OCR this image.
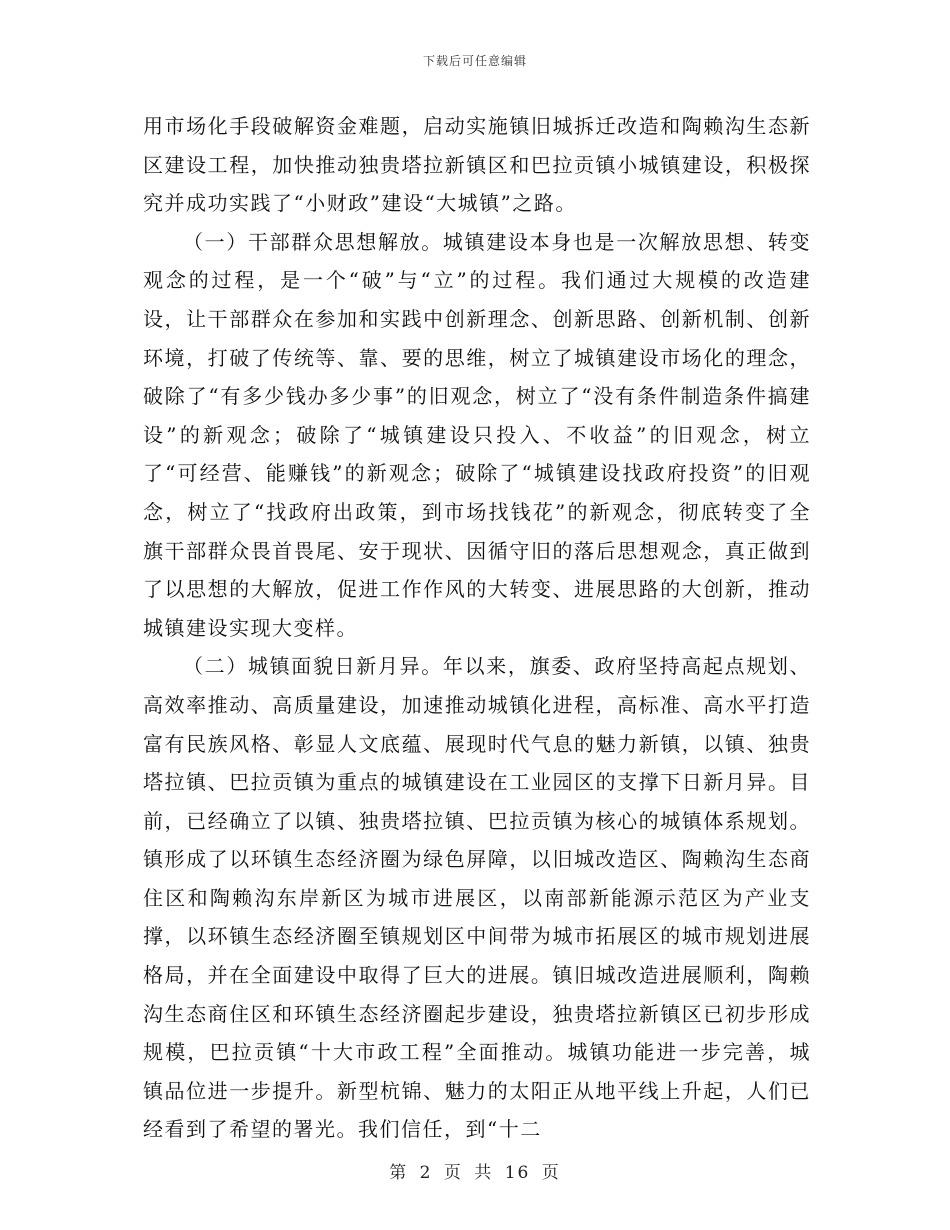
下载后可任意编辑

用市场化手段破解资金难题，启动实施镇旧城拆迁改造和陶赖沟生态新区建设工程，加快推动独贵塔拉新镇区和巴拉贡镇小城镇建设，积极探究并成功实践了“小财政”建设“大城镇”之路。

（一）干部群众思想解放。城镇建设本身也是一次解放思想、转变观念的过程，是一个“破”与“立”的过程。我们通过大规模的改造建设，让干部群众在参加和实践中创新理念、创新思路、创新机制、创新环境，打破了传统等、靠、要的思维，树立了城镇建设市场化的理念，破除了“有多少钱办多少事”的旧观念，树立了“没有条件制造条件搞建设”的新观念；破除了“城镇建设只投入、不收益”的旧观念，树立了“可经营、能赚钱”的新观念；破除了“城镇建设找政府投资”的旧观念，树立了“找政府出政策，到市场找钱花”的新观念，彻底转变了全旗干部群众畏首畏尾、安于现状、因循守旧的落后思想观念，真正做到了以思想的大解放，促进工作作风的大转变、进展思路的大创新，推动城镇建设实现大变样。

（二）城镇面貌日新月异。年以来，旗委、政府坚持高起点规划、高效率推动、高质量建设，加速推动城镇化进程，高标准、高水平打造富有民族风格、彰显人文底蕴、展现时代气息的魅力新镇，以镇、独贵塔拉镇、巴拉贡镇为重点的城镇建设在工业园区的支撑下日新月异。目前，已经确立了以镇、独贵塔拉镇、巴拉贡镇为核心的城镇体系规划。镇形成了以环镇生态经济圈为绿色屏障，以旧城改造区、陶赖沟生态商住区和陶赖沟东岸新区为城市进展区，以南部新能源示范区为产业支撑，以环镇生态经济圈至镇规划区中间带为城市拓展区的城市规划进展格局，并在全面建设中取得了巨大的进展。镇旧城改造进展顺利，陶赖沟生态商住区和环镇生态经济圈起步建设，独贵塔拉新镇区已初步形成规模，巴拉贡镇“十大市政工程”全面推动。城镇功能进一步完善，城镇品位进一步提升。新型杭锦、魅力的太阳正从地平线上升起，人们已经看到了希望的署光。我们信任，到“十二

第 2 页 共 16 页
